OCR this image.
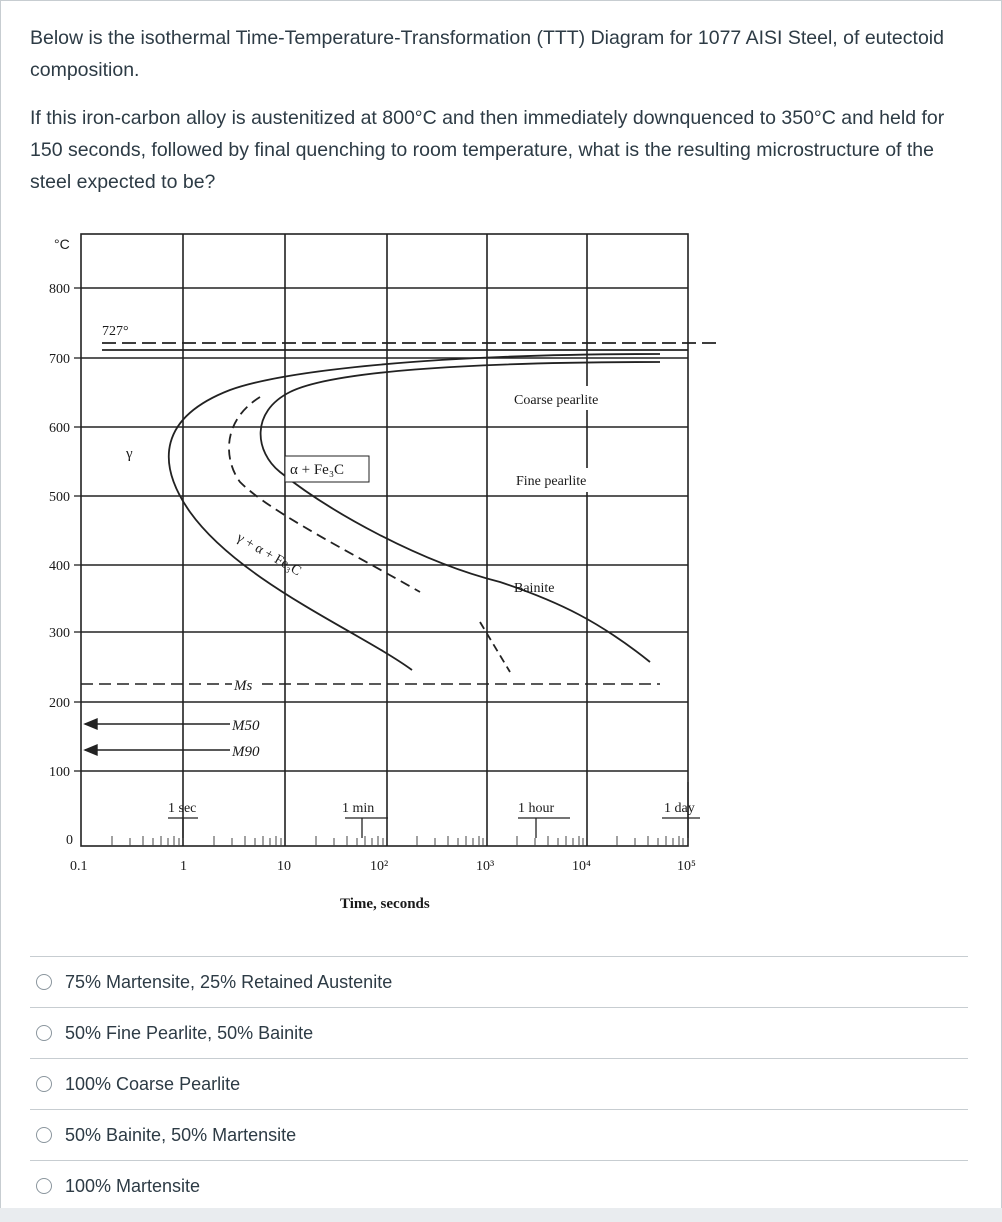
Below is the isothermal Time-Temperature-Transformation (TTT) Diagram for 1077 AISI Steel, of eutectoid composition.

If this iron-carbon alloy is austenitized at 800°C and then immediately downquenced to 350°C and held for 150 seconds, followed by final quenching to room temperature, what is the resulting microstructure of the steel expected to be?

°C
800
700
600
500
400
300
200
100
0
0.1	1	10	10²	10³	10⁴	10⁵
Time, seconds
1 sec	1 min	1 hour	1 day
727°
γ
α + Fe₃C
γ + α + Fe₃C
Coarse pearlite
Fine pearlite
Bainite
Ms
M50
M90
75% Martensite, 25% Retained Austenite
50% Fine Pearlite, 50% Bainite
100% Coarse Pearlite
50% Bainite, 50% Martensite
100% Martensite
